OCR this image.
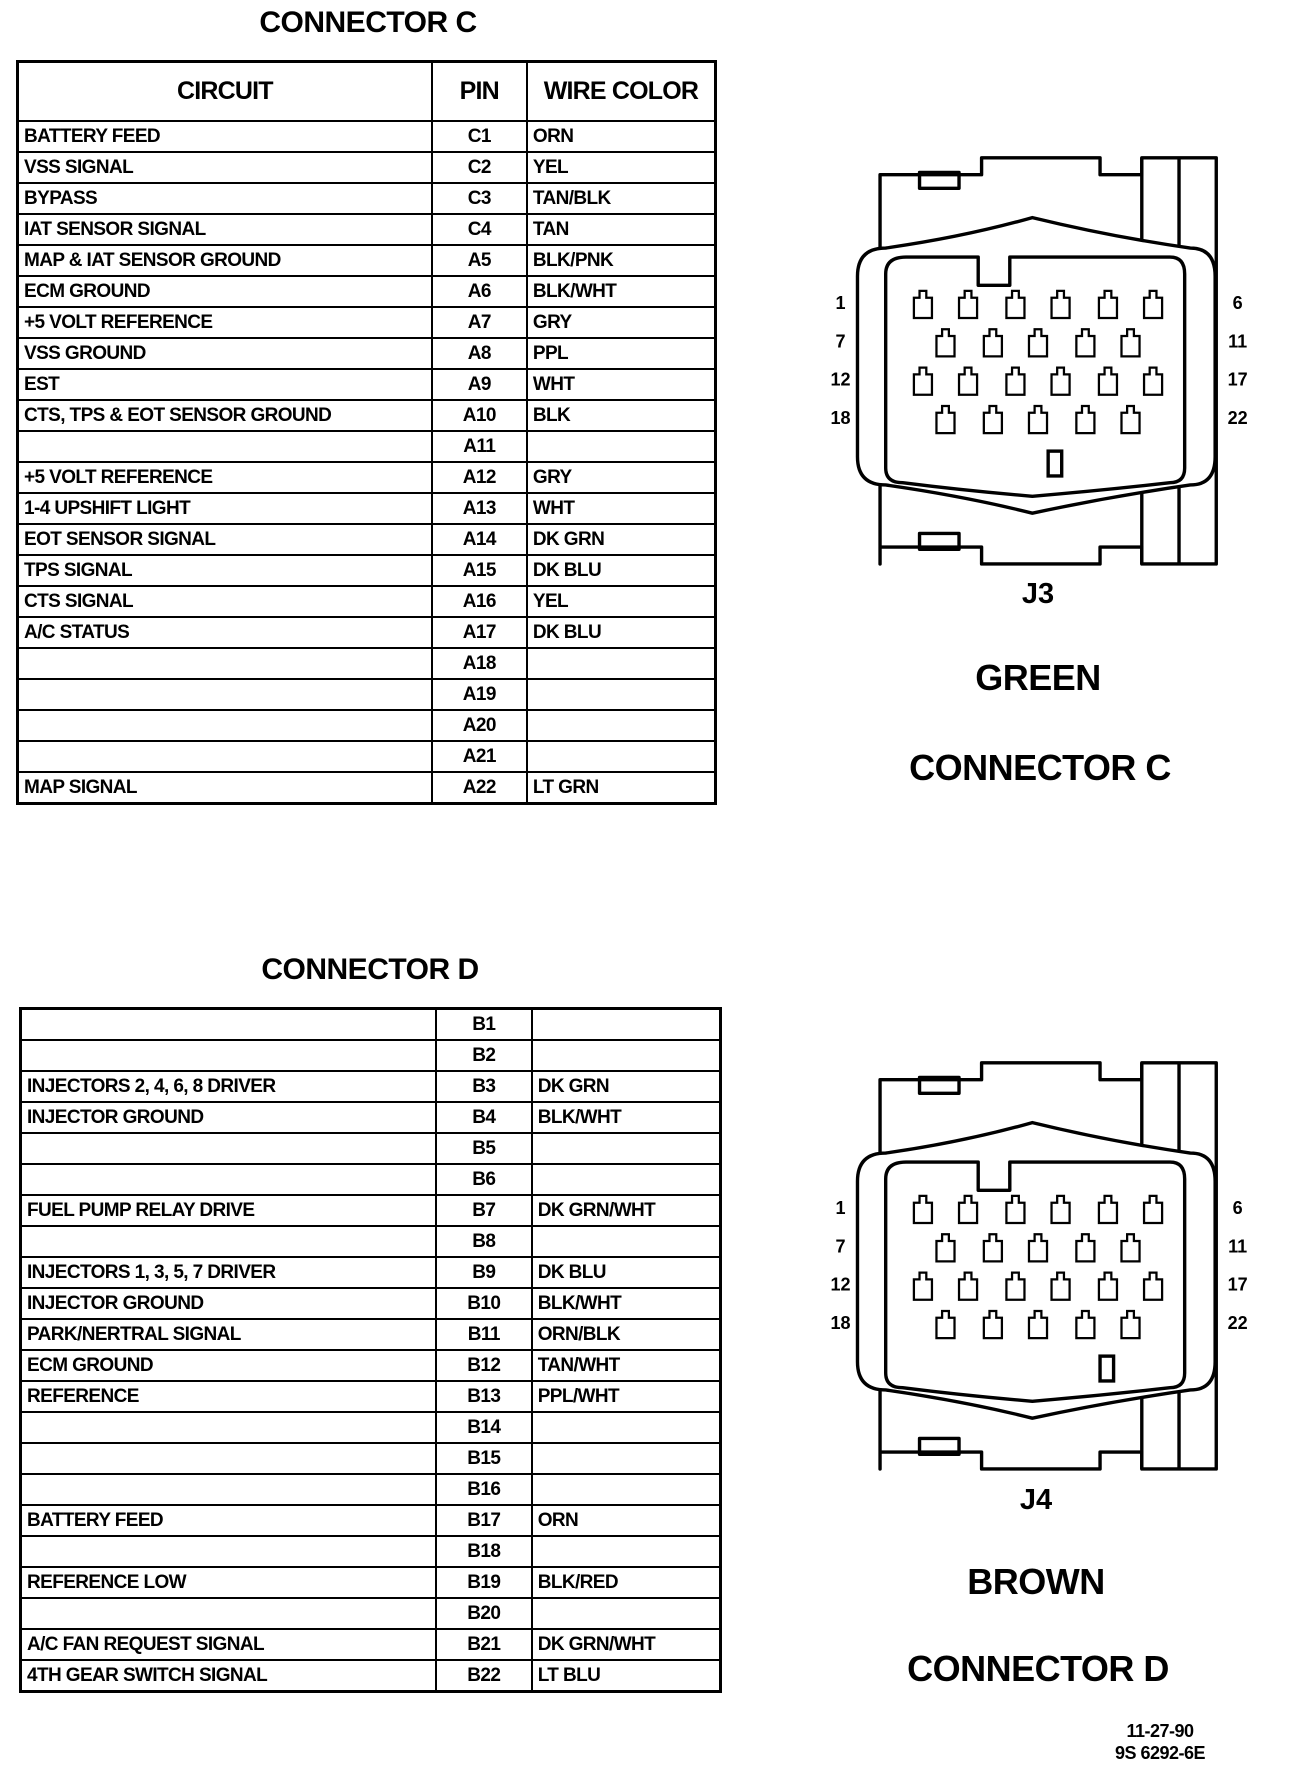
CONNECTOR C
CIRCUIT	PIN	WIRE COLOR
BATTERY FEED	C1	ORN
VSS SIGNAL	C2	YEL
BYPASS	C3	TAN/BLK
IAT SENSOR SIGNAL	C4	TAN
MAP & IAT SENSOR GROUND	A5	BLK/PNK
ECM GROUND	A6	BLK/WHT
+5 VOLT REFERENCE	A7	GRY
VSS GROUND	A8	PPL
EST	A9	WHT
CTS, TPS & EOT SENSOR GROUND	A10	BLK
	A11	
+5 VOLT REFERENCE	A12	GRY
1-4 UPSHIFT LIGHT	A13	WHT
EOT SENSOR SIGNAL	A14	DK GRN
TPS SIGNAL	A15	DK BLU
CTS SIGNAL	A16	YEL
A/C STATUS	A17	DK BLU
	A18	
	A19	
	A20	
	A21	
MAP SIGNAL	A22	LT GRN
CONNECTOR D
	B1	
	B2	
INJECTORS 2, 4, 6, 8 DRIVER	B3	DK GRN
INJECTOR GROUND	B4	BLK/WHT
	B5	
	B6	
FUEL PUMP RELAY DRIVE	B7	DK GRN/WHT
	B8	
INJECTORS 1, 3, 5, 7 DRIVER	B9	DK BLU
INJECTOR GROUND	B10	BLK/WHT
PARK/NERTRAL SIGNAL	B11	ORN/BLK
ECM GROUND	B12	TAN/WHT
REFERENCE	B13	PPL/WHT
	B14	
	B15	
	B16	
BATTERY FEED	B17	ORN
	B18	
REFERENCE LOW	B19	BLK/RED
	B20	
A/C FAN REQUEST SIGNAL	B21	DK GRN/WHT
4TH GEAR SWITCH SIGNAL	B22	LT BLU
1	6
7	11
12	17
18	22
J3
GREEN
CONNECTOR C
1	6
7	11
12	17
18	22
J4
BROWN
CONNECTOR D
11-27-90
9S 6292-6E
